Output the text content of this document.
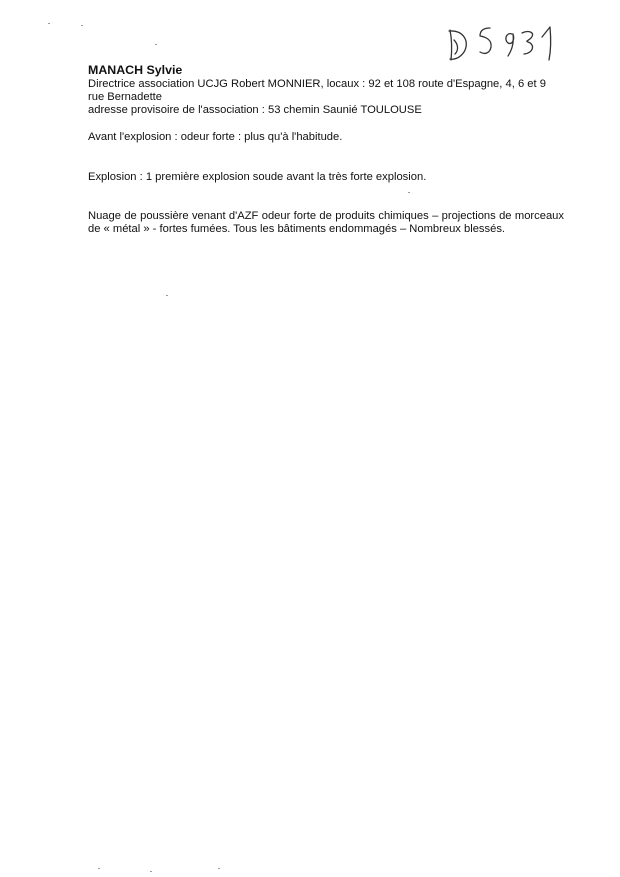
MANACH Sylvie

Directrice association UCJG Robert MONNIER, locaux : 92 et 108 route d'Espagne, 4, 6 et 9 rue Bernadette

adresse provisoire de l'association : 53 chemin Saunié TOULOUSE

Avant l'explosion : odeur forte : plus qu'à l'habitude.

Explosion : 1 première explosion soude avant la très forte explosion.

Nuage de poussière venant d'AZF odeur forte de produits chimiques – projections de morceaux de « métal » - fortes fumées. Tous les bâtiments endommagés – Nombreux blessés.
